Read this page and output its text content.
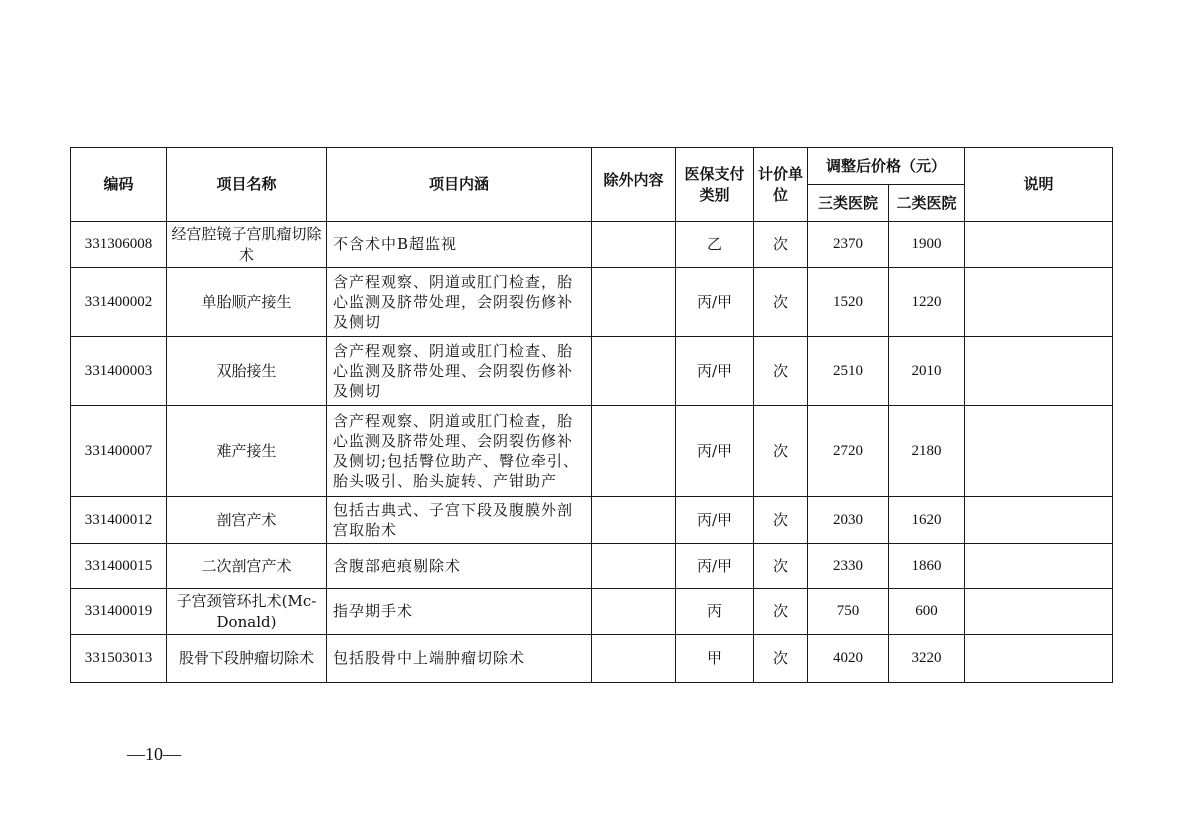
编码	项目名称	项目内涵	除外内容	医保支付类别	计价单位	调整后价格（元）		说明
						三类医院	二类医院	
331306008	经宫腔镜子宫肌瘤切除术	不含术中B超监视		乙	次	2370	1900	
331400002	单胎顺产接生	含产程观察、阴道或肛门检查，胎心监测及脐带处理，会阴裂伤修补及侧切		丙/甲	次	1520	1220	
331400003	双胎接生	含产程观察、阴道或肛门检查、胎心监测及脐带处理、会阴裂伤修补及侧切		丙/甲	次	2510	2010	
331400007	难产接生	含产程观察、阴道或肛门检查，胎心监测及脐带处理、会阴裂伤修补及侧切;包括臀位助产、臀位牵引、胎头吸引、胎头旋转、产钳助产		丙/甲	次	2720	2180	
331400012	剖宫产术	包括古典式、子宫下段及腹膜外剖宫取胎术		丙/甲	次	2030	1620	
331400015	二次剖宫产术	含腹部疤痕剔除术		丙/甲	次	2330	1860	
331400019	子宫颈管环扎术(Mc-Donald)	指孕期手术		丙	次	750	600	
331503013	股骨下段肿瘤切除术	包括股骨中上端肿瘤切除术		甲	次	4020	3220	
—10—
